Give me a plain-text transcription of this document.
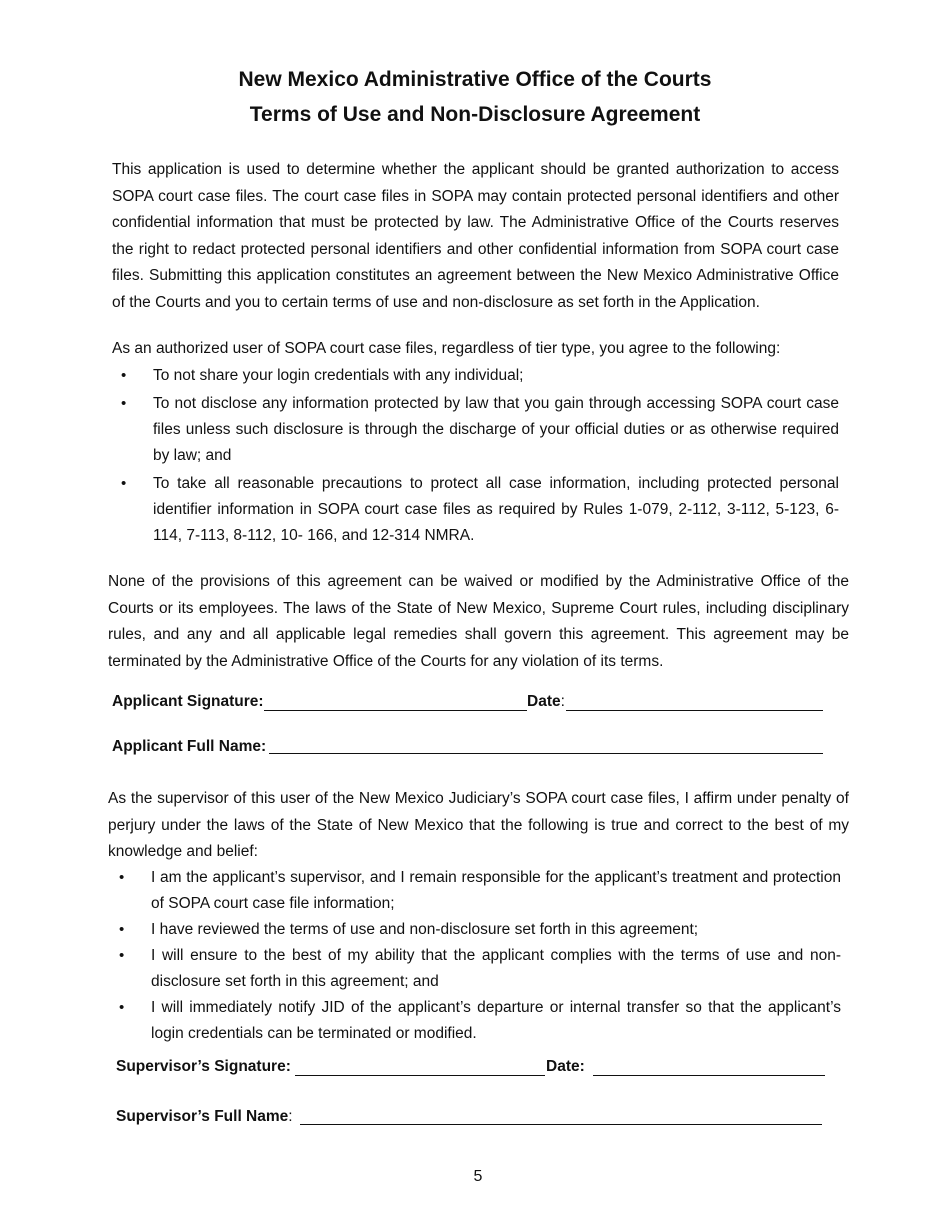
New Mexico Administrative Office of the Courts
Terms of Use and Non-Disclosure Agreement

This application is used to determine whether the applicant should be granted authorization to access SOPA court case files. The court case files in SOPA may contain protected personal identifiers and other confidential information that must be protected by law. The Administrative Office of the Courts reserves the right to redact protected personal identifiers and other confidential information from SOPA court case files. Submitting this application constitutes an agreement between the New Mexico Administrative Office of the Courts and you to certain terms of use and non-disclosure as set forth in the Application.

As an authorized user of SOPA court case files, regardless of tier type, you agree to the following:

• To not share your login credentials with any individual;
• To not disclose any information protected by law that you gain through accessing SOPA court case files unless such disclosure is through the discharge of your official duties or as otherwise required by law; and
• To take all reasonable precautions to protect all case information, including protected personal identifier information in SOPA court case files as required by Rules 1-079, 2-112, 3-112, 5-123, 6-114, 7-113, 8-112, 10- 166, and 12-314 NMRA.

None of the provisions of this agreement can be waived or modified by the Administrative Office of the Courts or its employees. The laws of the State of New Mexico, Supreme Court rules, including disciplinary rules, and any and all applicable legal remedies shall govern this agreement. This agreement may be terminated by the Administrative Office of the Courts for any violation of its terms.

Applicant Signature:	Date:
Applicant Full Name:

As the supervisor of this user of the New Mexico Judiciary’s SOPA court case files, I affirm under penalty of perjury under the laws of the State of New Mexico that the following is true and correct to the best of my knowledge and belief:

• I am the applicant’s supervisor, and I remain responsible for the applicant’s treatment and protection of SOPA court case file information;
• I have reviewed the terms of use and non-disclosure set forth in this agreement;
• I will ensure to the best of my ability that the applicant complies with the terms of use and non-disclosure set forth in this agreement; and
• I will immediately notify JID of the applicant’s departure or internal transfer so that the applicant’s login credentials can be terminated or modified.
Supervisor’s Signature:	Date:
Supervisor’s Full Name:
5
